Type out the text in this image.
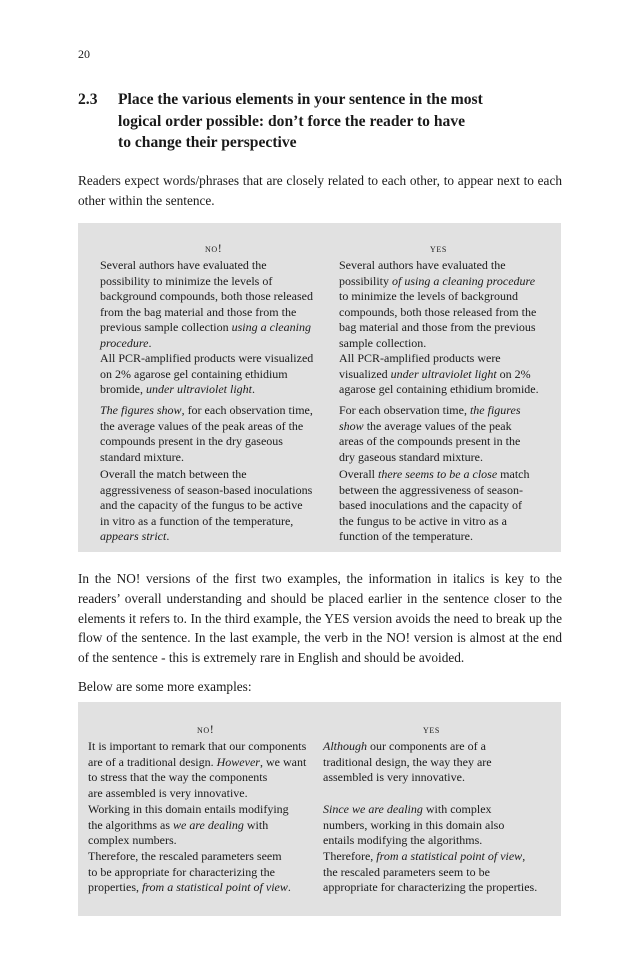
20
2.3 Place the various elements in your sentence in the most
logical order possible: don’t force the reader to have
to change their perspective

Readers expect words/phrases that are closely related to each other, to appear next to each other within the sentence.

no!	yes

Several authors have evaluated the
possibility to minimize the levels of
background compounds, both those released
from the bag material and those from the
previous sample collection using a cleaning
procedure.

Several authors have evaluated the
possibility of using a cleaning procedure
to minimize the levels of background
compounds, both those released from the
bag material and those from the previous
sample collection.

All PCR-amplified products were visualized
on 2% agarose gel containing ethidium
bromide, under ultraviolet light.

All PCR-amplified products were
visualized under ultraviolet light on 2%
agarose gel containing ethidium bromide.

The figures show, for each observation time,
the average values of the peak areas of the
compounds present in the dry gaseous
standard mixture.

For each observation time, the figures
show the average values of the peak
areas of the compounds present in the
dry gaseous standard mixture.

Overall the match between the
aggressiveness of season-based inoculations
and the capacity of the fungus to be active
in vitro as a function of the temperature,
appears strict.

Overall there seems to be a close match
between the aggressiveness of season-
based inoculations and the capacity of
the fungus to be active in vitro as a
function of the temperature.

In the NO! versions of the first two examples, the information in italics is key to the readers’ overall understanding and should be placed earlier in the sentence closer to the elements it refers to. In the third example, the YES version avoids the need to break up the flow of the sentence. In the last example, the verb in the NO! version is almost at the end of the sentence - this is extremely rare in English and should be avoided.

Below are some more examples:

no!	yes

It is important to remark that our components
are of a traditional design. However, we want
to stress that the way the components
are assembled is very innovative.

Although our components are of a
traditional design, the way they are
assembled is very innovative.

Working in this domain entails modifying
the algorithms as we are dealing with
complex numbers.

Since we are dealing with complex
numbers, working in this domain also
entails modifying the algorithms.

Therefore, the rescaled parameters seem
to be appropriate for characterizing the
properties, from a statistical point of view.

Therefore, from a statistical point of view,
the rescaled parameters seem to be
appropriate for characterizing the properties.
